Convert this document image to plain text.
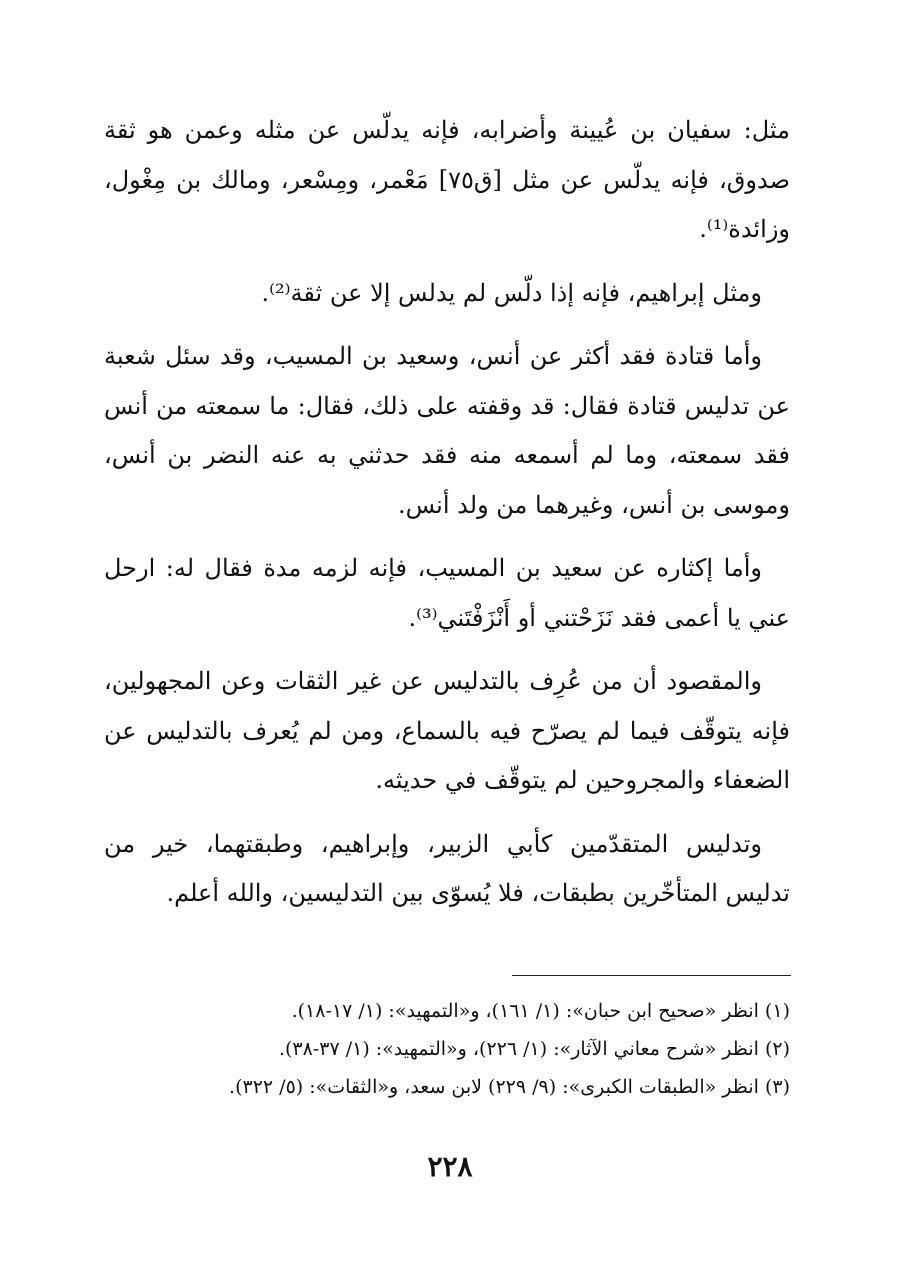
مثل: سفيان بن عُيينة وأضرابه، فإنه يدلّس عن مثله وعمن هو ثقة صدوق، فإنه يدلّس عن مثل [ق٧٥] مَعْمر، ومِسْعر، ومالك بن مِغْول، وزائدة⁽¹⁾.

ومثل إبراهيم، فإنه إذا دلّس لم يدلس إلا عن ثقة⁽²⁾.

وأما قتادة فقد أكثر عن أنس، وسعيد بن المسيب، وقد سئل شعبة عن تدليس قتادة فقال: قد وقفته على ذلك، فقال: ما سمعته من أنس فقد سمعته، وما لم أسمعه منه فقد حدثني به عنه النضر بن أنس، وموسى بن أنس، وغيرهما من ولد أنس.

وأما إكثاره عن سعيد بن المسيب، فإنه لزمه مدة فقال له: ارحل عني يا أعمى فقد نَزَحْتني أو أَنْزَفْتَني⁽³⁾.

والمقصود أن من عُرِف بالتدليس عن غير الثقات وعن المجهولين، فإنه يتوقّف فيما لم يصرّح فيه بالسماع، ومن لم يُعرف بالتدليس عن الضعفاء والمجروحين لم يتوقّف في حديثه.

وتدليس المتقدّمين كأبي الزبير، وإبراهيم، وطبقتهما، خير من تدليس المتأخّرين بطبقات، فلا يُسوّى بين التدليسين، والله أعلم.

(١) انظر «صحيح ابن حبان»: (١/ ١٦١)، و«التمهيد»: (١/ ١٧-١٨).

(٢) انظر «شرح معاني الآثار»: (١/ ٢٢٦)، و«التمهيد»: (١/ ٣٧-٣٨).

(٣) انظر «الطبقات الكبرى»: (٩/ ٢٢٩) لابن سعد، و«الثقات»: (٥/ ٣٢٢).

٢٢٨
